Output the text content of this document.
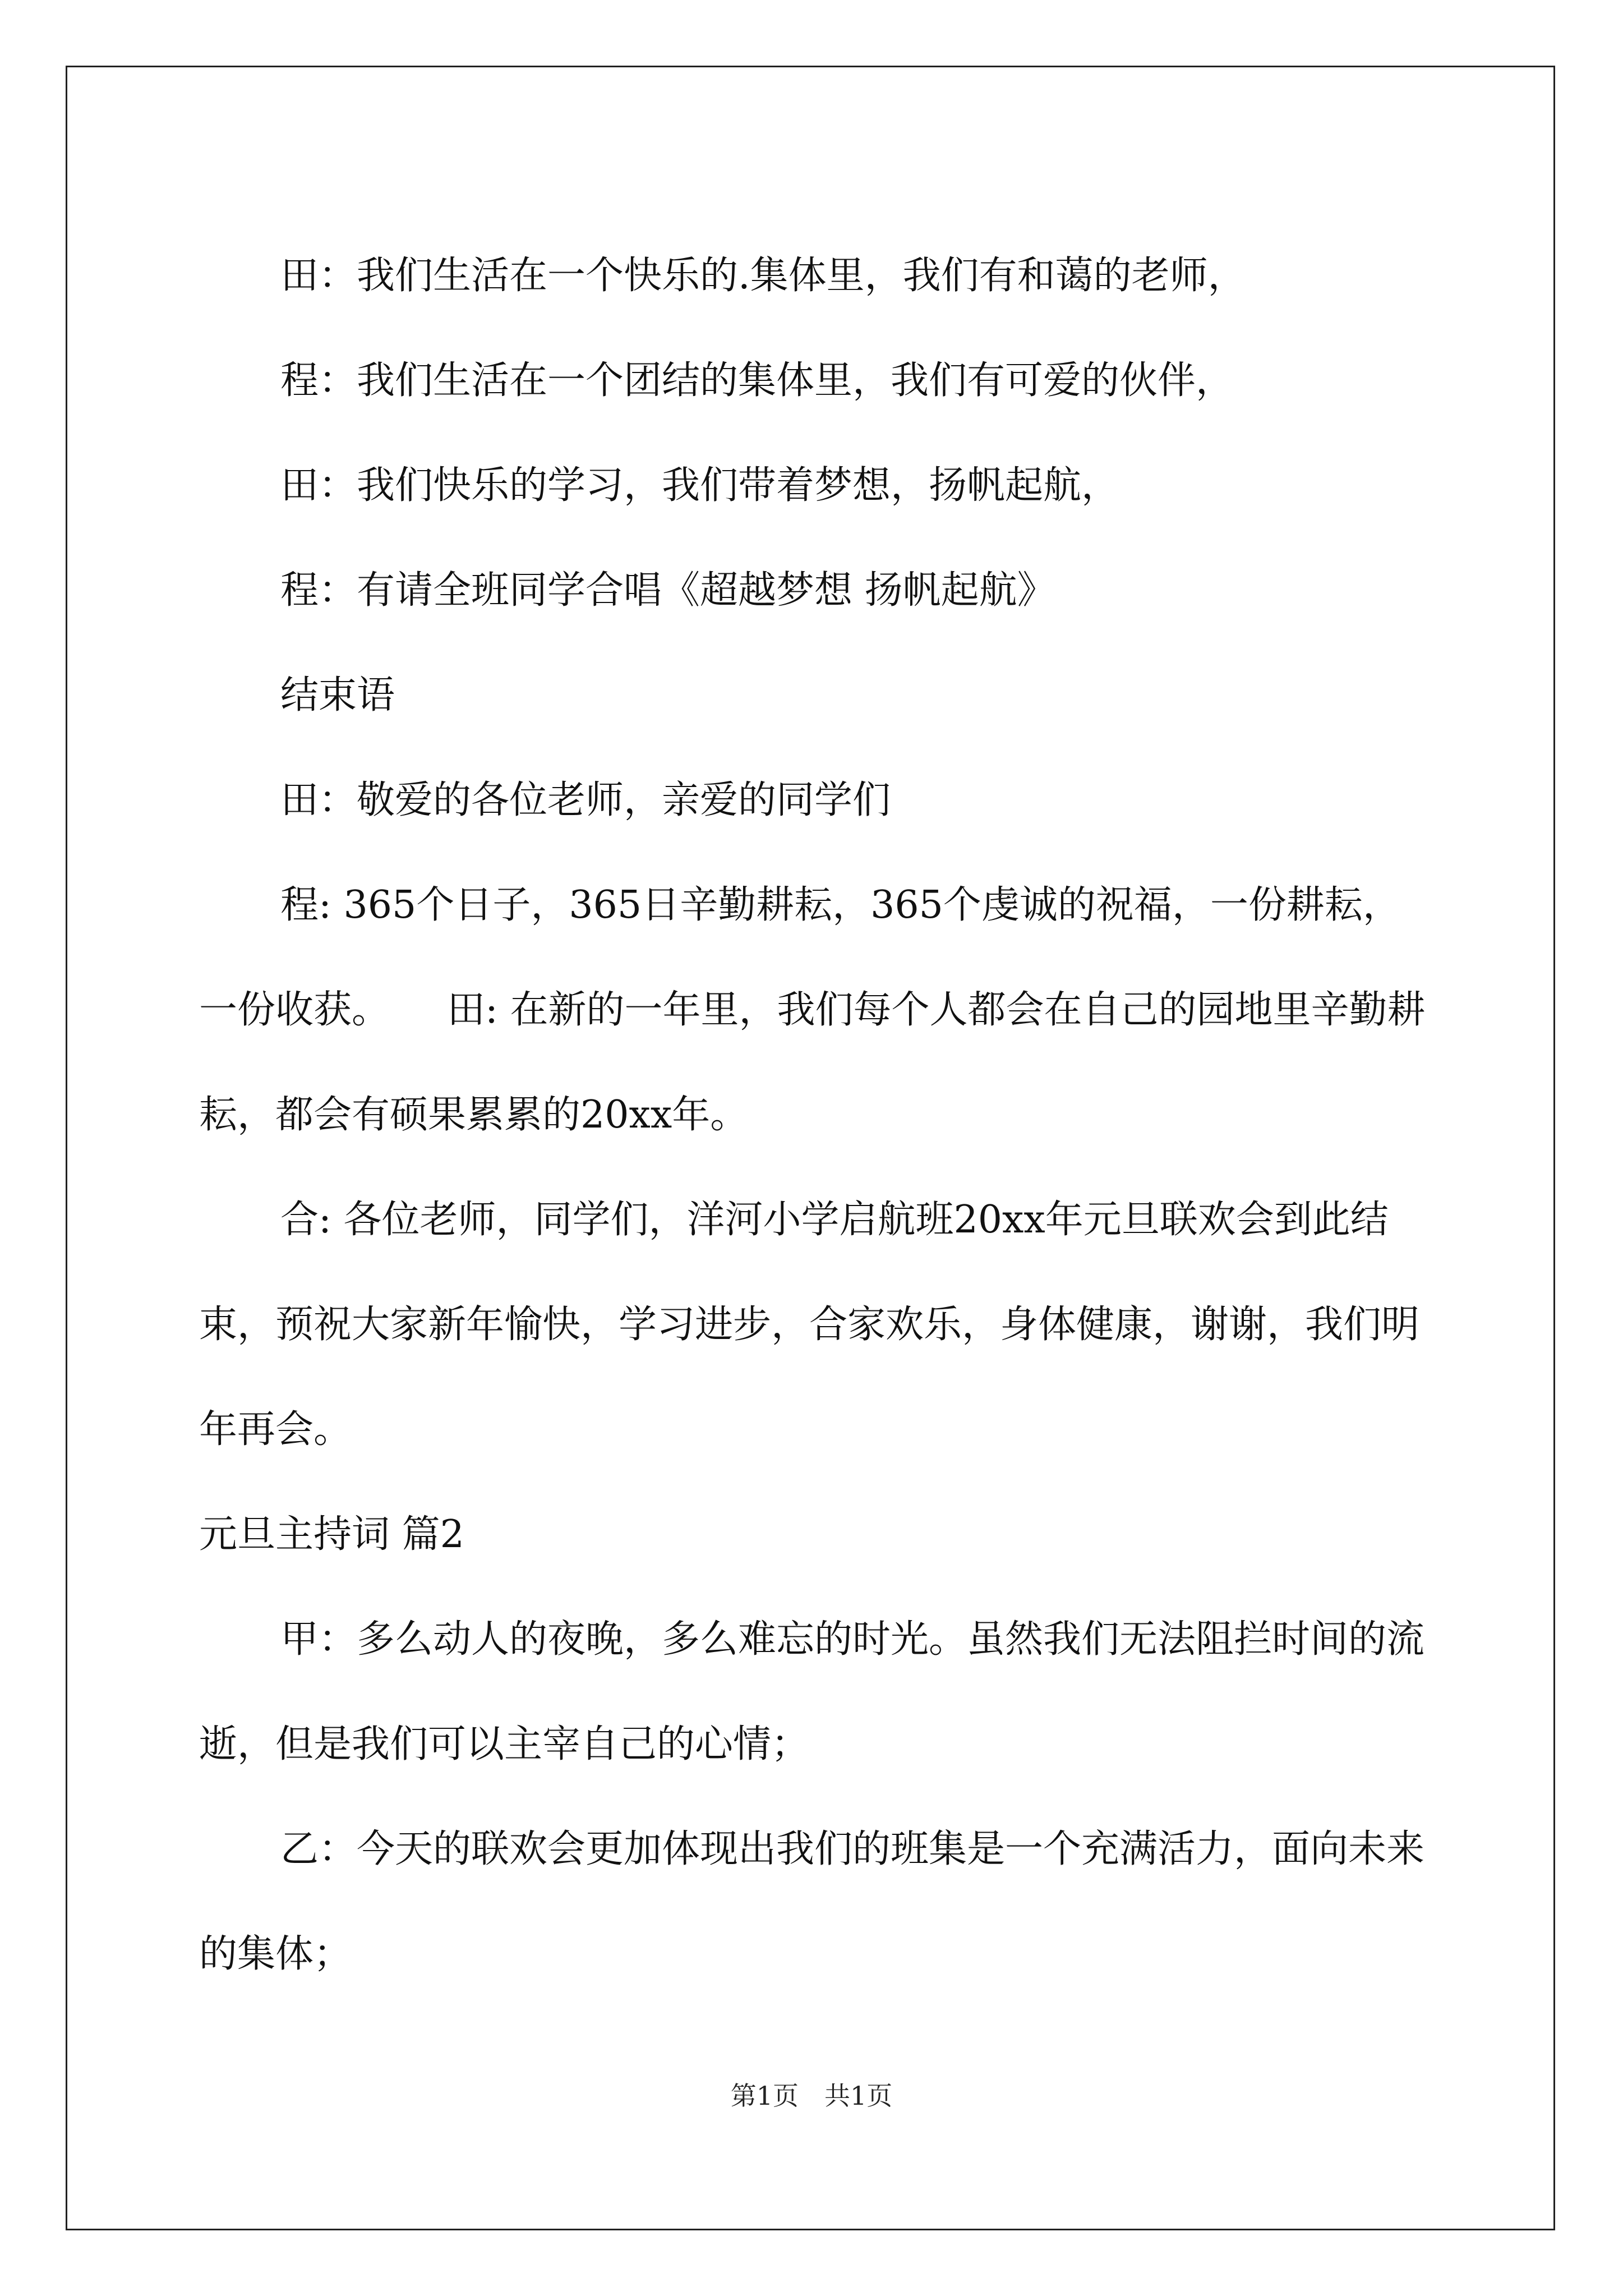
田：我们生活在一个快乐的.集体里，我们有和蔼的老师，

程：我们生活在一个团结的集体里，我们有可爱的伙伴，

田：我们快乐的学习，我们带着梦想，扬帆起航，

程：有请全班同学合唱《超越梦想 扬帆起航》

结束语

田：敬爱的各位老师，亲爱的同学们

程: 365个日子，365日辛勤耕耘，365个虔诚的祝福，一份耕耘，一份收获。　　田: 在新的一年里，我们每个人都会在自己的园地里辛勤耕耘，都会有硕果累累的20xx年。

合: 各位老师，同学们，洋河小学启航班20xx年元旦联欢会到此结束，预祝大家新年愉快，学习进步，合家欢乐，身体健康，谢谢，我们明年再会。

元旦主持词 篇2

甲：多么动人的夜晚，多么难忘的时光。虽然我们无法阻拦时间的流逝，但是我们可以主宰自己的心情；

乙：今天的联欢会更加体现出我们的班集是一个充满活力，面向未来的集体；

第1页　共1页
